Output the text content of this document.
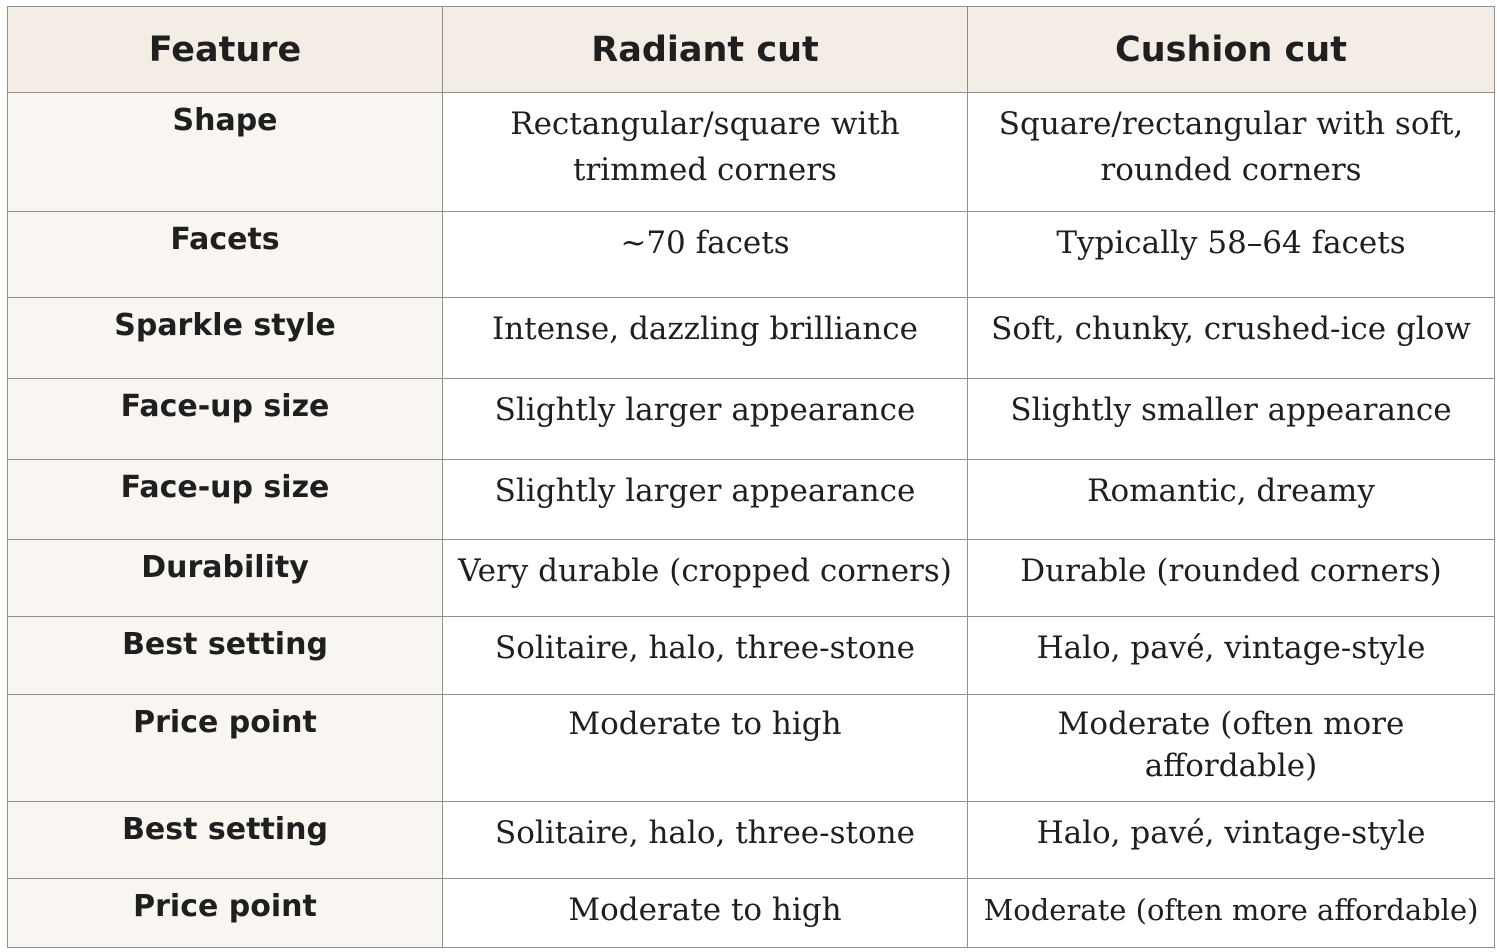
Feature	Radiant cut	Cushion cut
Shape	Rectangular/square with trimmed corners	Square/rectangular with soft, rounded corners
Facets	~70 facets	Typically 58–64 facets
Sparkle style	Intense, dazzling brilliance	Soft, chunky, crushed-ice glow
Face-up size	Slightly larger appearance	Slightly smaller appearance
Face-up size	Slightly larger appearance	Romantic, dreamy
Durability	Very durable (cropped corners)	Durable (rounded corners)
Best setting	Solitaire, halo, three-stone	Halo, pavé, vintage-style
Price point	Moderate to high	Moderate (often more affordable)
Best setting	Solitaire, halo, three-stone	Halo, pavé, vintage-style
Price point	Moderate to high	Moderate (often more affordable)
